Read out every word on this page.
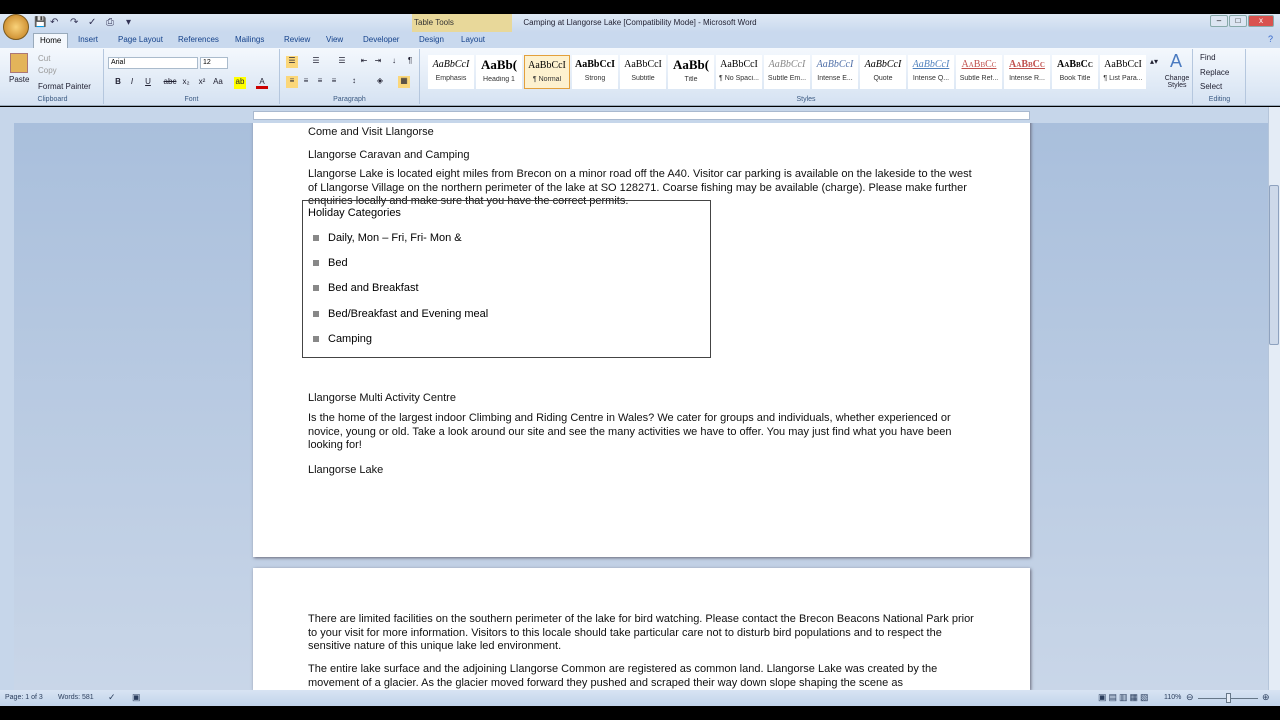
💾 ↶ ↷ ✓ ⎙ ▾	Table Tools	Camping at Llangorse Lake [Compatibility Mode] - Microsoft Word	–	□	x
Home	Insert Page Layout References Mailings Review View Developer Design Layout	?
Paste
Cut
Copy
Format Painter
Clipboard
Arial	12
B	I	U	abc x₂	x² Aa ab	A
Font
☰	☰	☰	⇤ ⇥	↓	¶
≡	≡	≡	≡	↕	◈	▦
Paragraph
AaBbCcI
Emphasis
AaBb(
Heading 1
AaBbCcI
¶ Normal
AaBbCcI
Strong
AaBbCcI
Subtitle
AaBb(
Title
AaBbCcI
¶ No Spaci...
AaBbCcI
Subtle Em...
AaBbCcI
Intense E...
AaBbCcI
Quote
AaBbCcI
Intense Q...
AaBbCc
Subtle Ref...
AaBbCc
Intense R...
AaBbCc
Book Title
AaBbCcI
¶ List Para...
▴▾ A
Change Styles
Styles
Find
Replace
Select
Editing
Come and Visit Llangorse
Llangorse Caravan and Camping
Llangorse Lake is located eight miles from Brecon on a minor road off the A40. Visitor car parking is available on the lakeside to the west of Llangorse Village on the northern perimeter of the lake at SO 128271. Coarse fishing may be available (charge). Please make further enquiries locally and make sure that you have the correct permits.
Holiday Categories
Daily, Mon – Fri, Fri- Mon &
Bed
Bed and Breakfast
Bed/Breakfast and Evening meal
Camping
Llangorse Multi Activity Centre
Is the home of the largest indoor Climbing and Riding Centre in Wales? We cater for groups and individuals, whether experienced or novice, young or old. Take a look around our site and see the many activities we have to offer. You may just find what you have been looking for!
Llangorse Lake
There are limited facilities on the southern perimeter of the lake for bird watching. Please contact the Brecon Beacons National Park prior to your visit for more information. Visitors to this locale should take particular care not to disturb bird populations and to respect the sensitive nature of this unique lake led environment.
The entire lake surface and the adjoining Llangorse Common are registered as common land. Llangorse Lake was created by the movement of a glacier. As the glacier moved forward they pushed and scraped their way down slope shaping the scene as
Page: 1 of 3 Words: 581 ✓ ▣	▣▤▥▦▧ 110% ⊖	⊕
